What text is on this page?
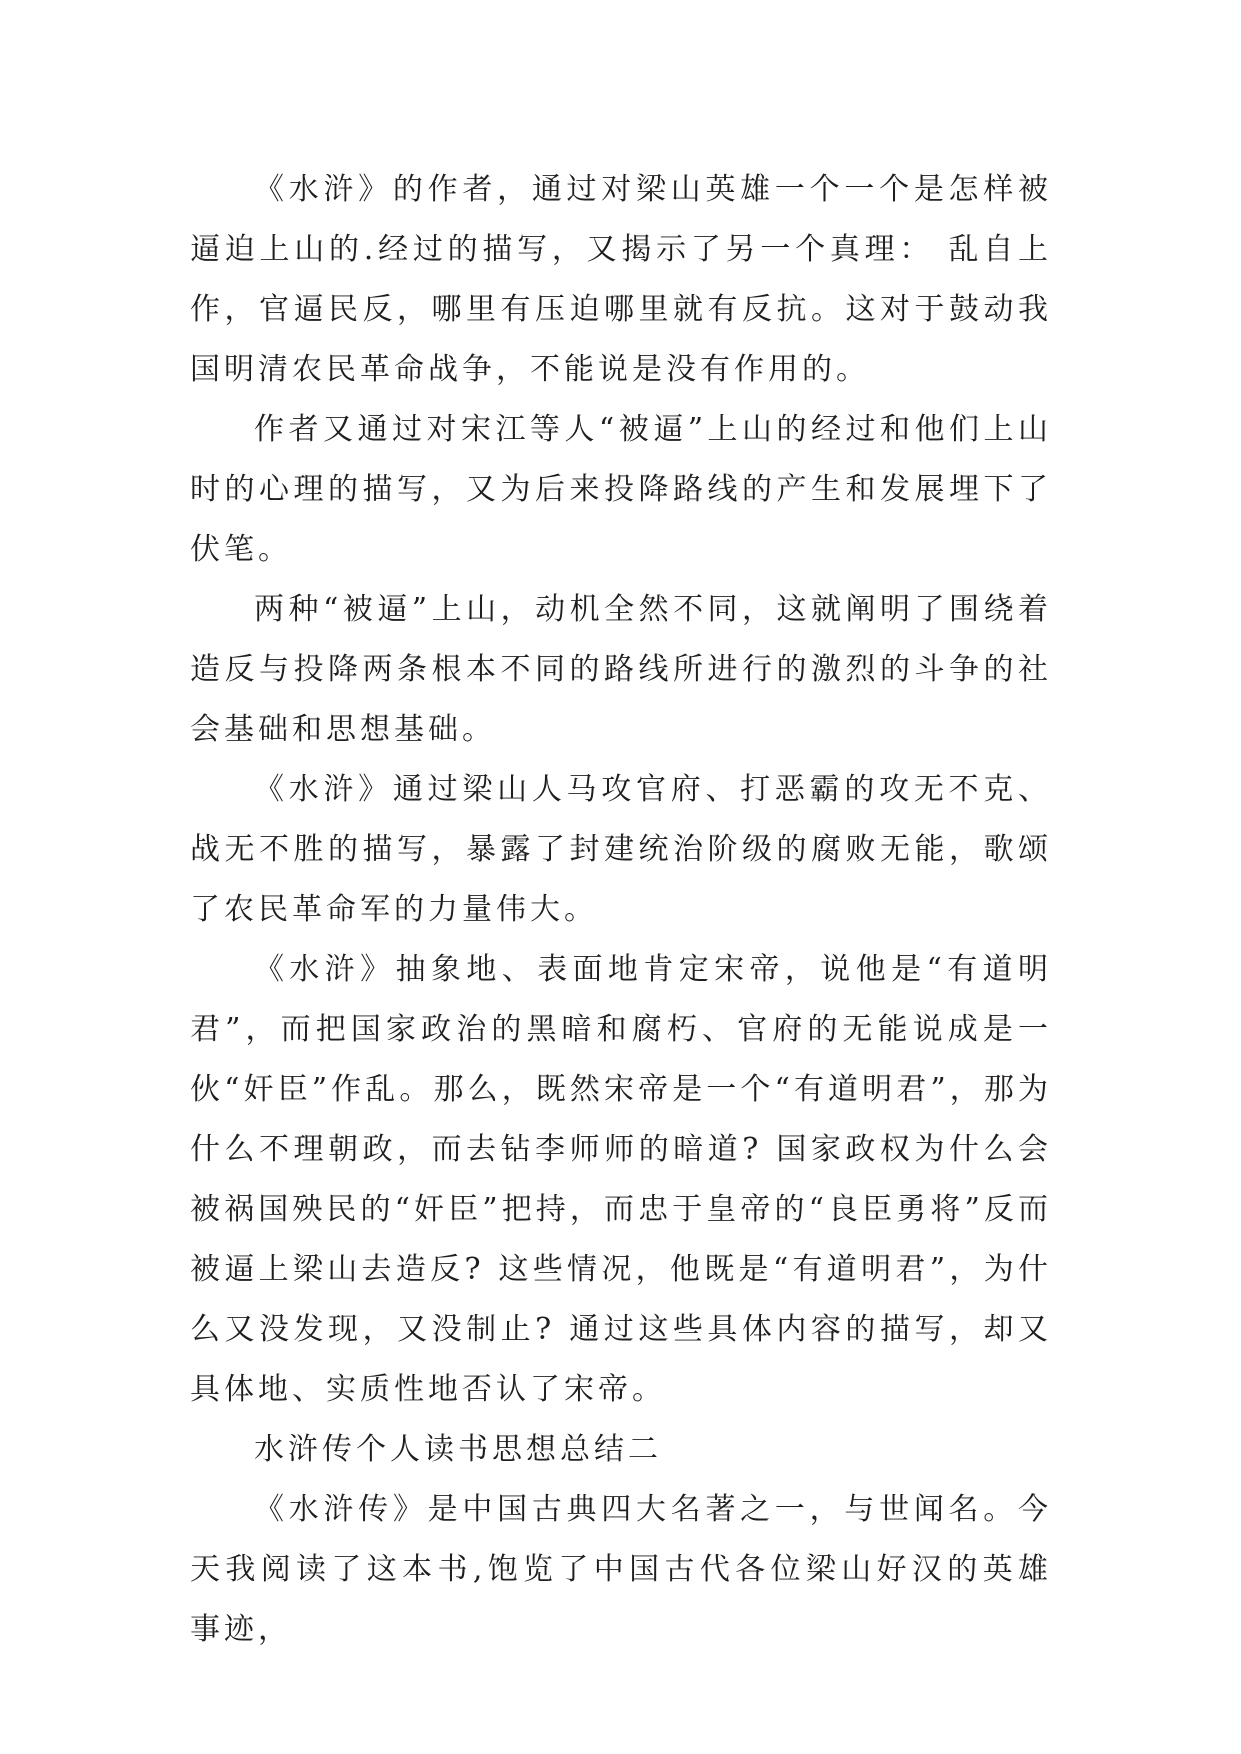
《水浒》的作者，通过对梁山英雄一个一个是怎样被逼迫上山的.经过的描写，又揭示了另一个真理： 乱自上作，官逼民反，哪里有压迫哪里就有反抗。这对于鼓动我国明清农民革命战争，不能说是没有作用的。

作者又通过对宋江等人“被逼”上山的经过和他们上山时的心理的描写，又为后来投降路线的产生和发展埋下了伏笔。

两种“被逼”上山，动机全然不同，这就阐明了围绕着造反与投降两条根本不同的路线所进行的激烈的斗争的社会基础和思想基础。

《水浒》通过梁山人马攻官府、打恶霸的攻无不克、战无不胜的描写，暴露了封建统治阶级的腐败无能，歌颂了农民革命军的力量伟大。

《水浒》抽象地、表面地肯定宋帝，说他是“有道明君”，而把国家政治的黑暗和腐朽、官府的无能说成是一伙“奸臣”作乱。那么，既然宋帝是一个“有道明君”，那为什么不理朝政，而去钻李师师的暗道? 国家政权为什么会被祸国殃民的“奸臣”把持，而忠于皇帝的“良臣勇将”反而被逼上梁山去造反? 这些情况，他既是“有道明君”，为什么又没发现，又没制止? 通过这些具体内容的描写，却又具体地、实质性地否认了宋帝。

水浒传个人读书思想总结二

《水浒传》是中国古典四大名著之一，与世闻名。今天我阅读了这本书,饱览了中国古代各位梁山好汉的英雄事迹，
